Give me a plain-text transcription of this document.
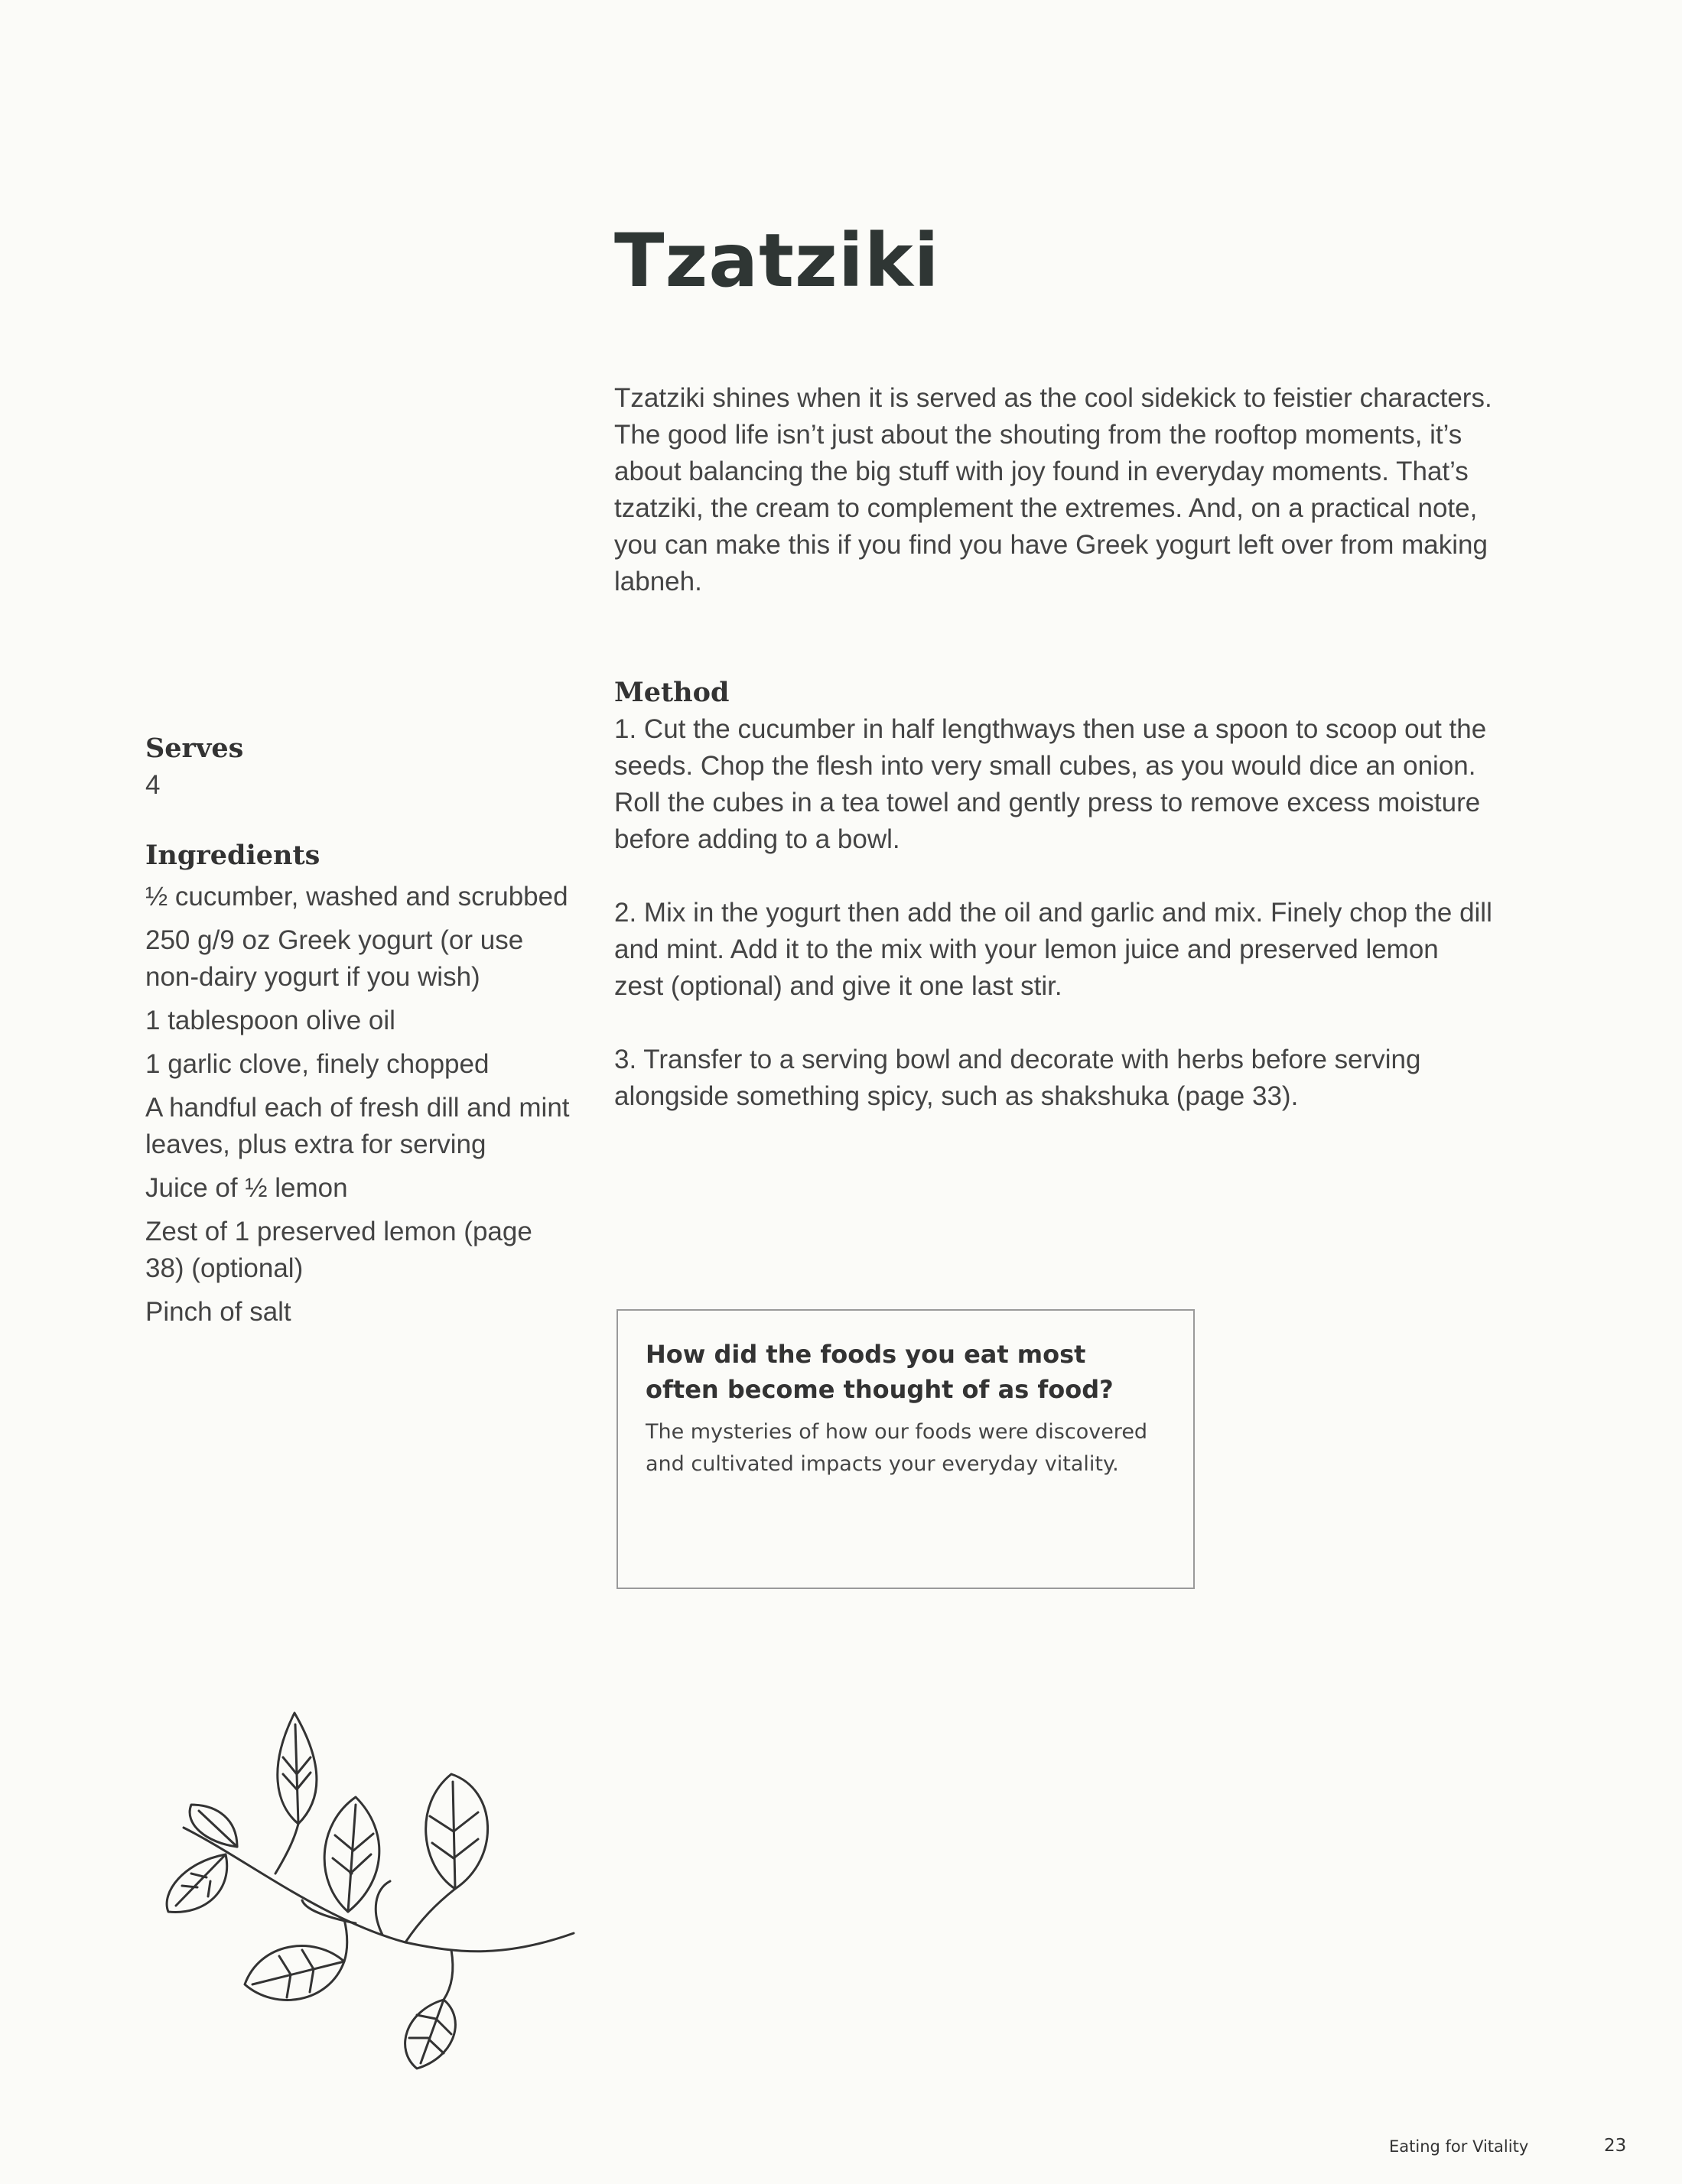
Tzatziki

Tzatziki shines when it is served as the cool sidekick to feistier characters. The good life isn’t just about the shouting from the rooftop moments, it’s about balancing the big stuff with joy found in everyday moments. That’s tzatziki, the cream to complement the extremes. And, on a practical note, you can make this if you find you have Greek yogurt left over from making labneh.

Serves
4
Ingredients
½ cucumber, washed and scrubbed
250 g/9 oz Greek yogurt (or use non-dairy yogurt if you wish)
1 tablespoon olive oil
1 garlic clove, finely chopped
A handful each of fresh dill and mint leaves, plus extra for serving
Juice of ½ lemon
Zest of 1 preserved lemon (page 38) (optional)
Pinch of salt
Method

1. Cut the cucumber in half lengthways then use a spoon to scoop out the seeds. Chop the flesh into very small cubes, as you would dice an onion. Roll the cubes in a tea towel and gently press to remove excess moisture before adding to a bowl.

2. Mix in the yogurt then add the oil and garlic and mix. Finely chop the dill and mint. Add it to the mix with your lemon juice and preserved lemon zest (optional) and give it one last stir.

3. Transfer to a serving bowl and decorate with herbs before serving alongside something spicy, such as shakshuka (page 33).

How did the foods you eat most often become thought of as food?

The mysteries of how our foods were discovered and cultivated impacts your everyday vitality.

Eating for Vitality	23
